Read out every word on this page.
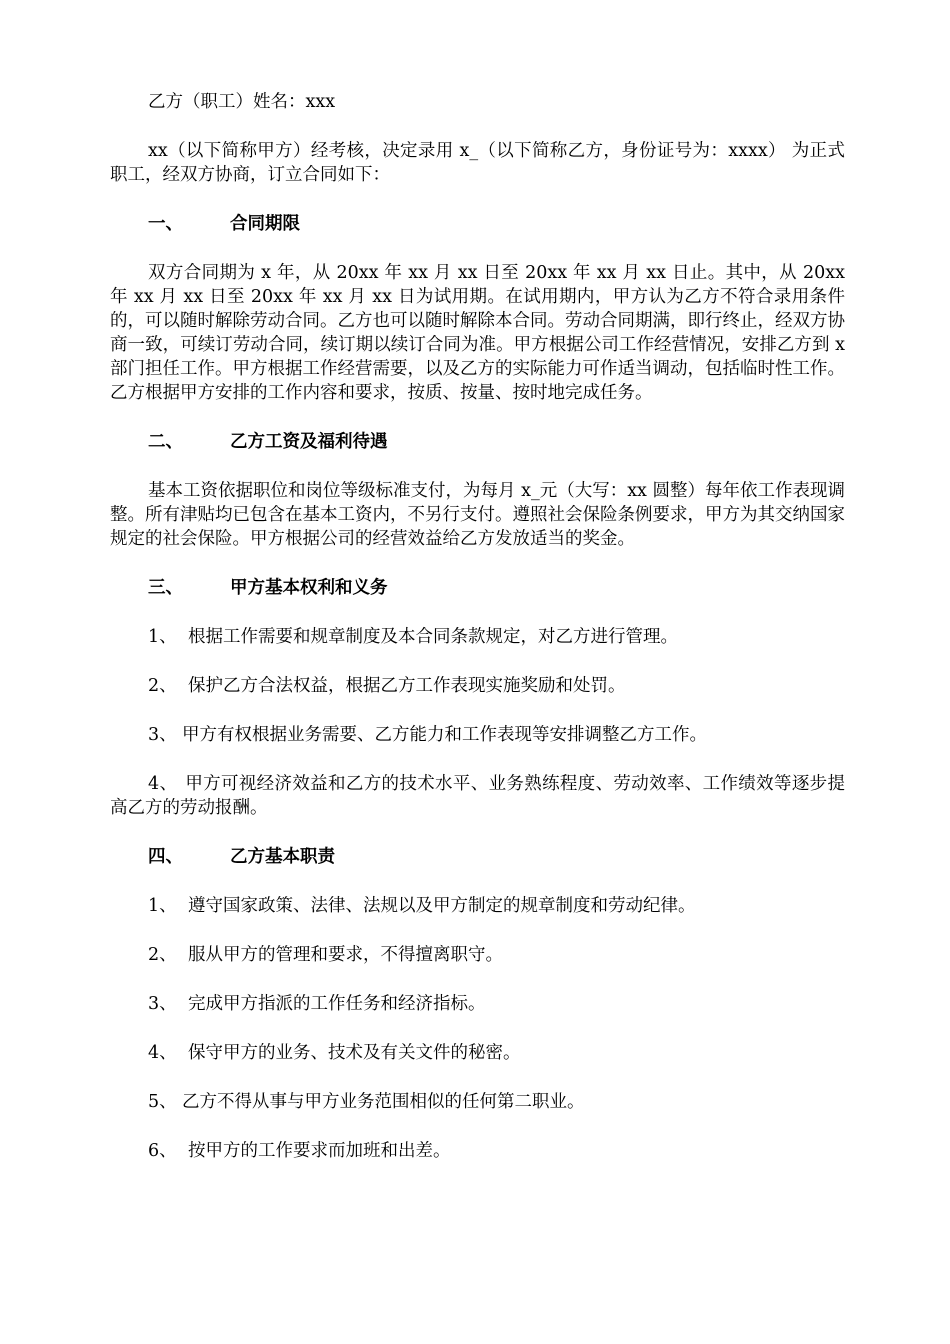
乙方（职工）姓名：xxx

xx（以下简称甲方）经考核，决定录用 x_（以下简称乙方，身份证号为：xxxx） 为正式职工，经双方协商，订立合同如下：

一、	合同期限

双方合同期为 x 年，从 20xx 年 xx 月 xx 日至 20xx 年 xx 月 xx 日止。其中，从 20xx 年 xx 月 xx 日至 20xx 年 xx 月 xx 日为试用期。在试用期内，甲方认为乙方不符合录用条件的，可以随时解除劳动合同。乙方也可以随时解除本合同。劳动合同期满，即行终止，经双方协商一致，可续订劳动合同，续订期以续订合同为准。甲方根据公司工作经营情况，安排乙方到 x 部门担任工作。甲方根据工作经营需要，以及乙方的实际能力可作适当调动，包括临时性工作。乙方根据甲方安排的工作内容和要求，按质、按量、按时地完成任务。

二、	乙方工资及福利待遇

基本工资依据职位和岗位等级标准支付，为每月 x_元（大写：xx 圆整）每年依工作表现调整。所有津贴均已包含在基本工资内，不另行支付。遵照社会保险条例要求，甲方为其交纳国家规定的社会保险。甲方根据公司的经营效益给乙方发放适当的奖金。

三、	甲方基本权利和义务

1、 根据工作需要和规章制度及本合同条款规定，对乙方进行管理。

2、 保护乙方合法权益，根据乙方工作表现实施奖励和处罚。

3、 甲方有权根据业务需要、乙方能力和工作表现等安排调整乙方工作。

4、 甲方可视经济效益和乙方的技术水平、业务熟练程度、劳动效率、工作绩效等逐步提高乙方的劳动报酬。

四、	乙方基本职责

1、 遵守国家政策、法律、法规以及甲方制定的规章制度和劳动纪律。

2、 服从甲方的管理和要求，不得擅离职守。

3、 完成甲方指派的工作任务和经济指标。

4、 保守甲方的业务、技术及有关文件的秘密。

5、 乙方不得从事与甲方业务范围相似的任何第二职业。

6、 按甲方的工作要求而加班和出差。
